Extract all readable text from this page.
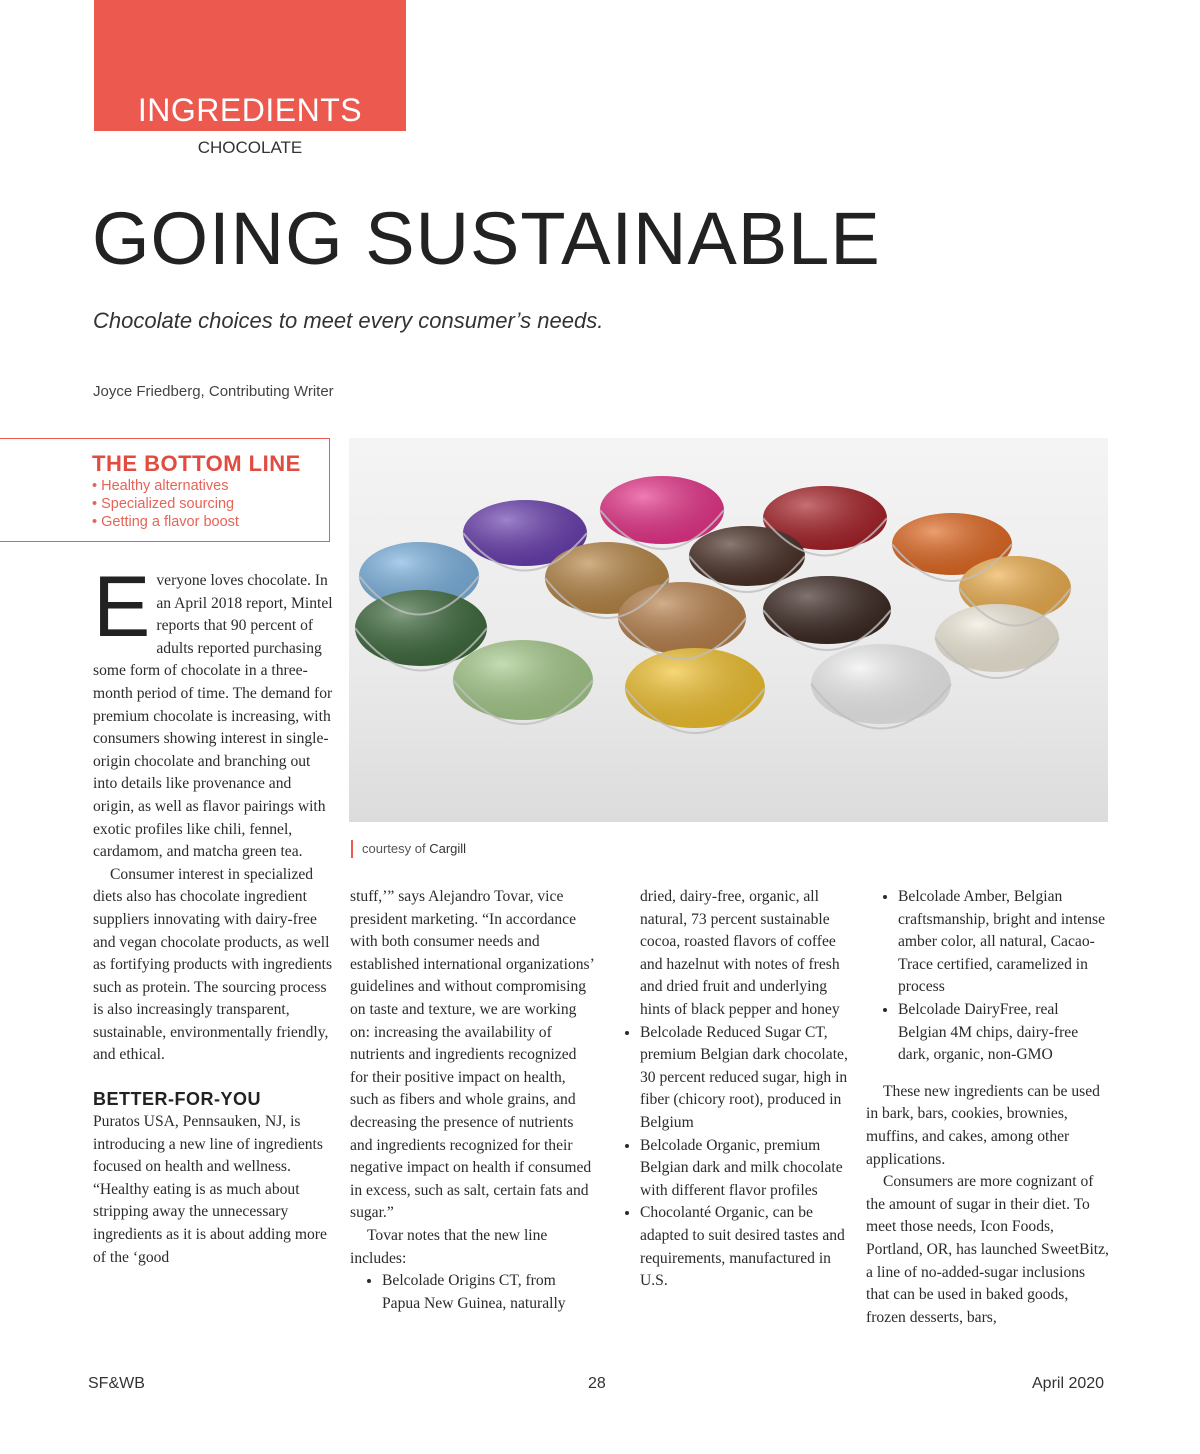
INGREDIENTS
CHOCOLATE
GOING SUSTAINABLE
Chocolate choices to meet every consumer’s needs.
Joyce Friedberg, Contributing Writer
THE BOTTOM LINE
• Healthy alternatives
• Specialized sourcing
• Getting a flavor boost
courtesy of Cargill

Everyone loves chocolate. In an April 2018 report, Mintel reports that 90 percent of adults reported purchasing some form of chocolate in a three-month period of time. The demand for premium chocolate is increasing, with consumers showing interest in single-origin chocolate and branching out into details like provenance and origin, as well as flavor pairings with exotic profiles like chili, fennel, cardamom, and matcha green tea.

Consumer interest in specialized diets also has chocolate ingredient suppliers innovating with dairy-free and vegan chocolate products, as well as fortifying products with ingredients such as protein. The sourcing process is also increasingly transparent, sustainable, environmentally friendly, and ethical.

BETTER-FOR-YOU

Puratos USA, Pennsauken, NJ, is introducing a new line of ingredients focused on health and wellness. “Healthy eating is as much about stripping away the unnecessary ingredients as it is about adding more of the ‘good

stuff,’” says Alejandro Tovar, vice president marketing. “In accordance with both consumer needs and established international organizations’ guidelines and without compromising on taste and texture, we are working on: increasing the availability of nutrients and ingredients recognized for their positive impact on health, such as fibers and whole grains, and decreasing the presence of nutrients and ingredients recognized for their negative impact on health if consumed in excess, such as salt, certain fats and sugar.”

Tovar notes that the new line includes:

• Belcolade Origins CT, from Papua New Guinea, naturally

dried, dairy-free, organic, all natural, 73 percent sustainable cocoa, roasted flavors of coffee and hazelnut with notes of fresh and dried fruit and underlying hints of black pepper and honey

• Belcolade Reduced Sugar CT, premium Belgian dark chocolate, 30 percent reduced sugar, high in fiber (chicory root), produced in Belgium
• Belcolade Organic, premium Belgian dark and milk chocolate with different flavor profiles
• Chocolanté Organic, can be adapted to suit desired tastes and requirements, manufactured in U.S.
• Belcolade Amber, Belgian craftsmanship, bright and intense amber color, all natural, Cacao-Trace certified, caramelized in process
• Belcolade DairyFree, real Belgian 4M chips, dairy-free dark, organic, non-GMO

These new ingredients can be used in bark, bars, cookies, brownies, muffins, and cakes, among other applications.

Consumers are more cognizant of the amount of sugar in their diet. To meet those needs, Icon Foods, Portland, OR, has launched SweetBitz, a line of no-added-sugar inclusions that can be used in baked goods, frozen desserts, bars,

SF&WB	28	April 2020
